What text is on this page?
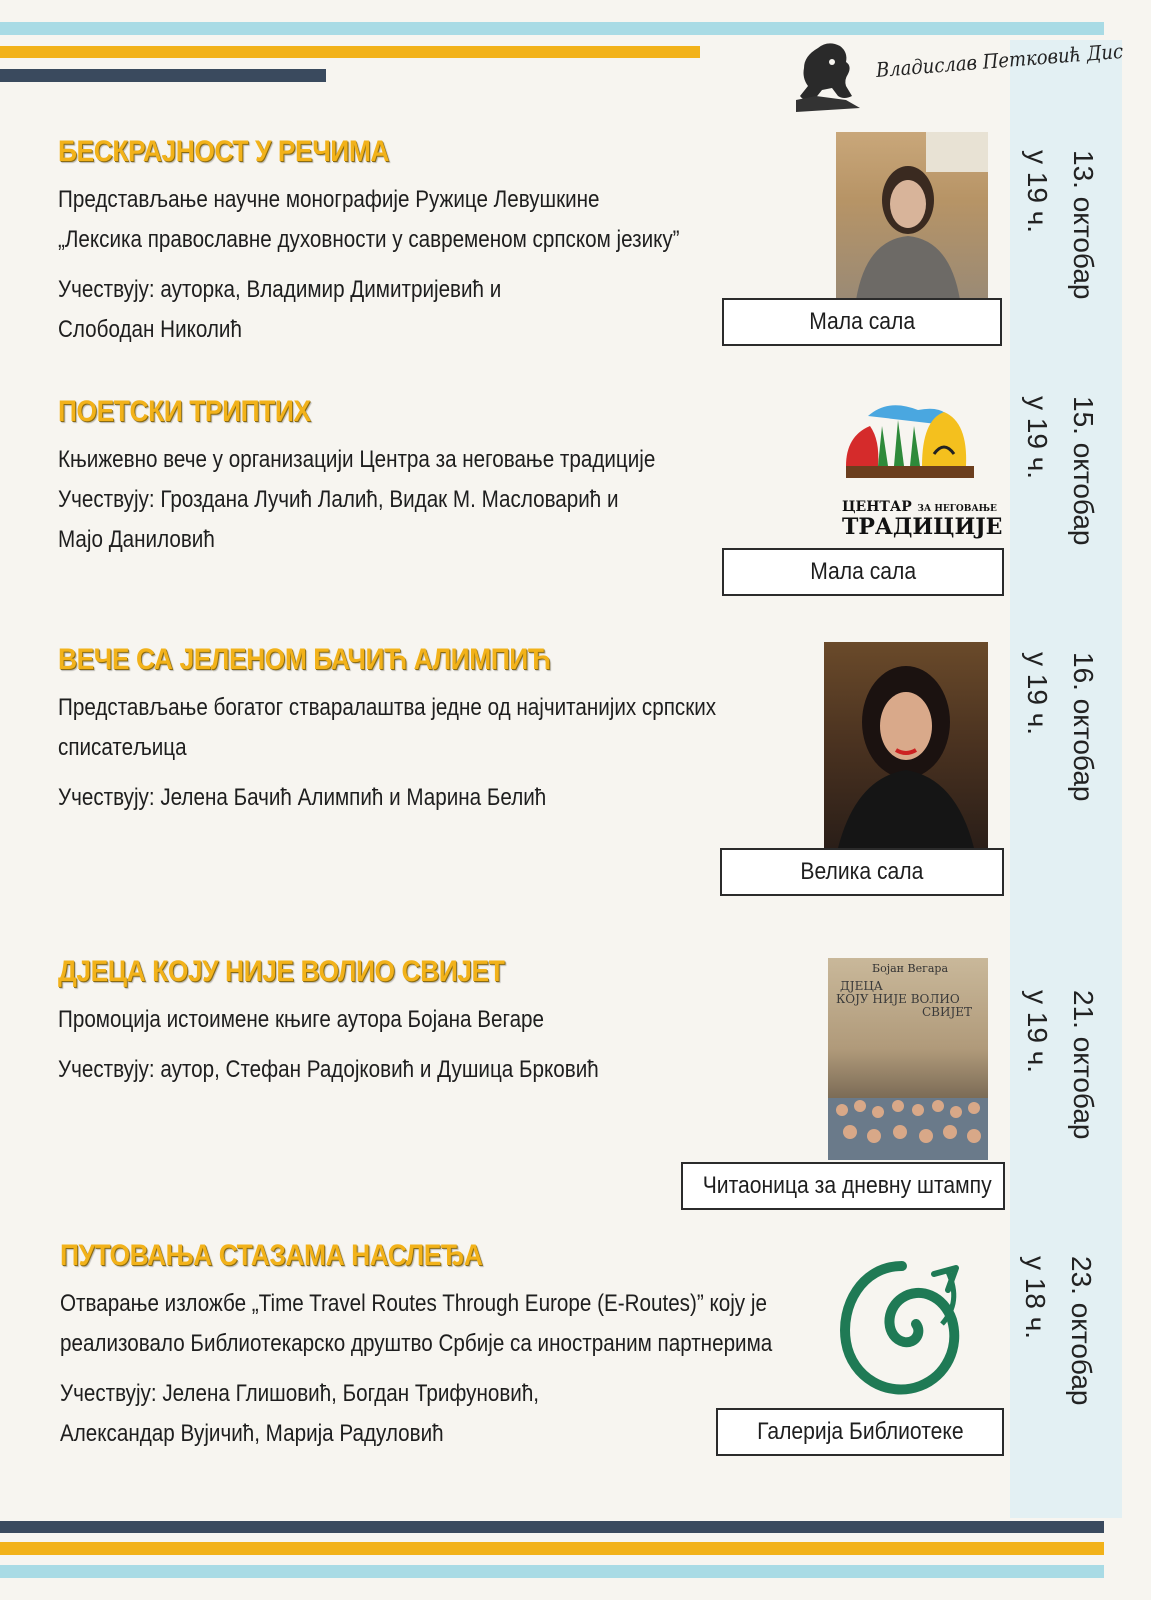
Владислав Петковић Дис
БЕСКРАЈНОСТ У РЕЧИМА
Представљање научне монографије Ружице Левушкине
„Лексика православне духовности у савременом српском језику”
Учествују: ауторка, Владимир Димитријевић и
Слободан Николић	Мала сала
13. октобар
у 19 ч.
ПОЕТСКИ ТРИПТИХ
Књижевно вече у организацији Центра за неговање традиције
Учествују: Гроздана Лучић Лалић, Видак М. Масловарић и
Мајо Даниловић
ЦЕНТАР ЗА НЕГОВАЊЕ
ТРАДИЦИЈЕ
Мала сала
15. октобар
у 19 ч.
ВЕЧЕ СА ЈЕЛЕНОМ БАЧИЋ АЛИМПИЋ
Представљање богатог стваралаштва једне од најчитанијих српских
списатељица
Учествују: Јелена Бачић Алимпић и Марина Белић
Велика сала
16. октобар
у 19 ч.
ДЈЕЦА КОЈУ НИЈЕ ВОЛИО СВИЈЕТ
Промоција истоимене књиге аутора Бојана Вегаре
Учествују: аутор, Стефан Радојковић и Душица Брковић
Бојан Вегара
ДЈЕЦА
КОЈУ НИЈЕ ВОЛИО
СВИЈЕТ
Читаоница за дневну штампу
21. октобар
у 19 ч.
ПУТОВАЊА СТАЗАМА НАСЛЕЂА
Отварање изложбе „Time Travel Routes Through Europe (E-Routes)” коју је
реализовало Библиотекарско друштво Србије са иностраним партнерима
Учествују: Јелена Глишовић, Богдан Трифуновић,
Александар Вујичић, Марија Радуловић	Галерија Библиотеке
23. октобар
у 18 ч.
